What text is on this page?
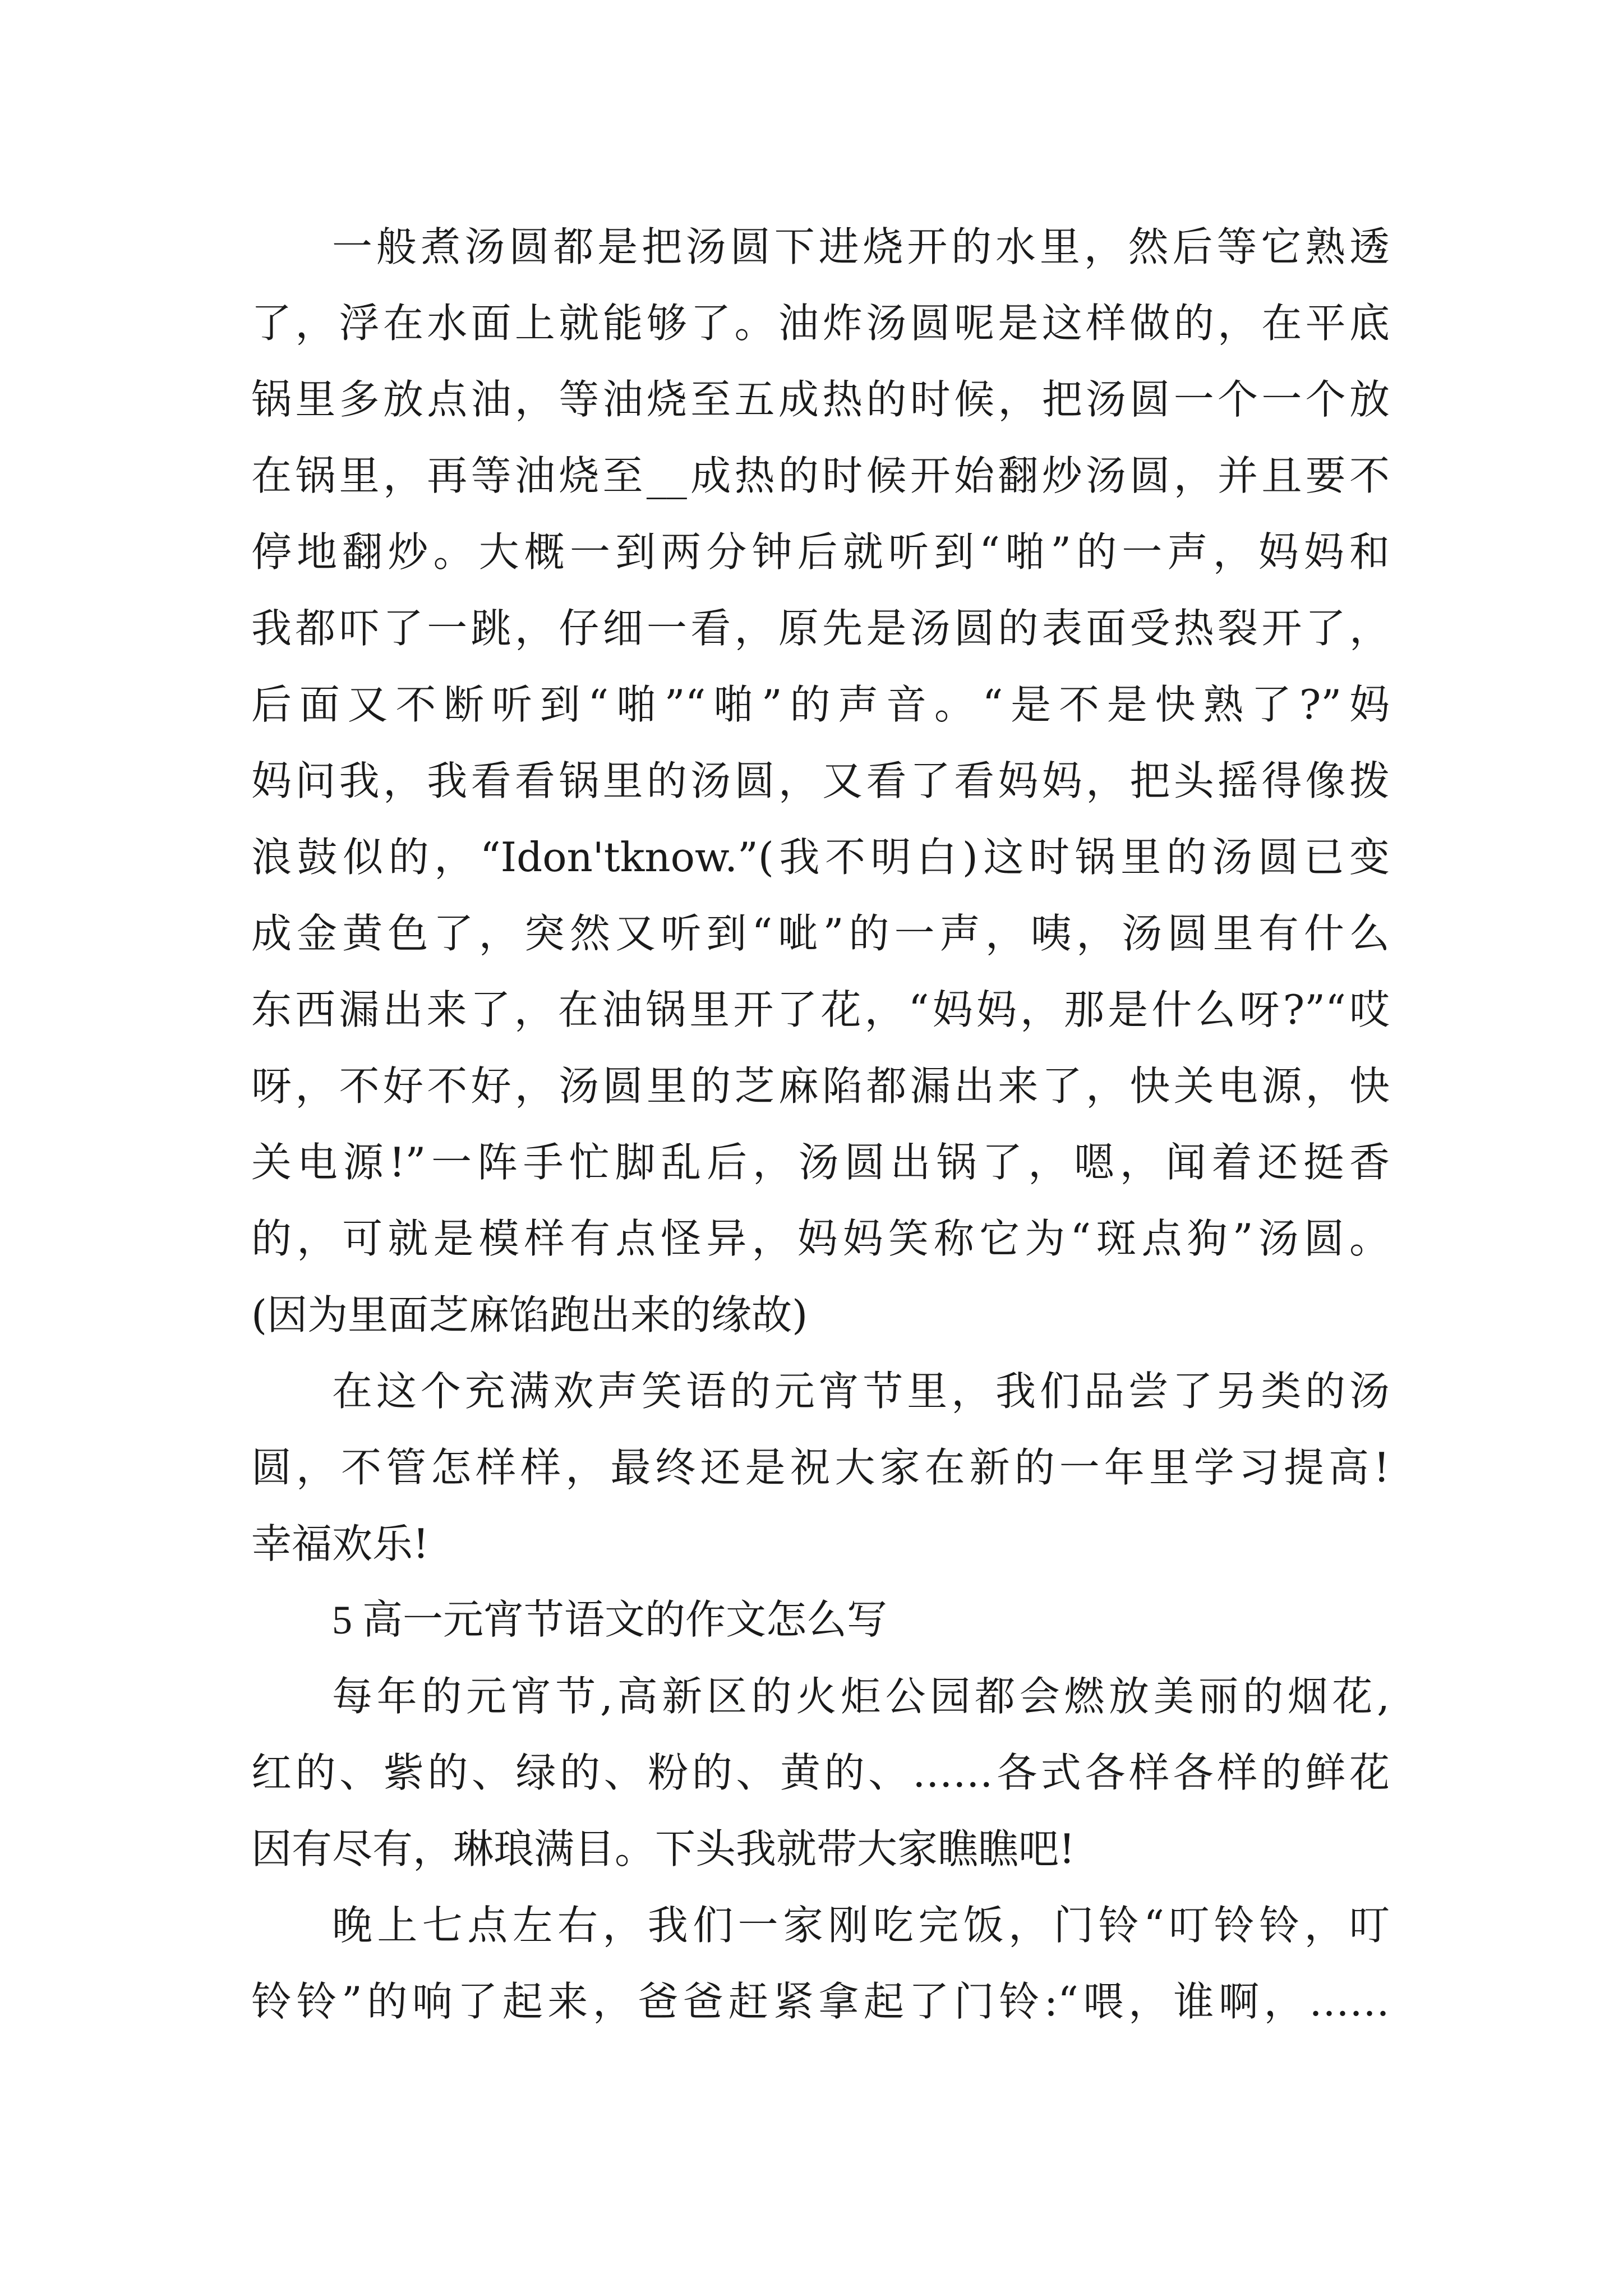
一般煮汤圆都是把汤圆下进烧开的水里，然后等它熟透
了，浮在水面上就能够了。油炸汤圆呢是这样做的，在平底
锅里多放点油，等油烧至五成热的时候，把汤圆一个一个放
在锅里，再等油烧至__成热的时候开始翻炒汤圆，并且要不
停地翻炒。大概一到两分钟后就听到“啪”的一声，妈妈和
我都吓了一跳，仔细一看，原先是汤圆的表面受热裂开了，
后面又不断听到“啪”“啪”的声音。“是不是快熟了?”妈
妈问我，我看看锅里的汤圆，又看了看妈妈，把头摇得像拨
浪鼓似的，“Idon'tknow.”(我不明白)这时锅里的汤圆已变
成金黄色了，突然又听到“呲”的一声，咦，汤圆里有什么
东西漏出来了，在油锅里开了花，“妈妈，那是什么呀?”“哎
呀，不好不好，汤圆里的芝麻陷都漏出来了，快关电源，快
关电源!”一阵手忙脚乱后，汤圆出锅了，嗯，闻着还挺香
的，可就是模样有点怪异，妈妈笑称它为“斑点狗”汤圆。
(因为里面芝麻馅跑出来的缘故)
在这个充满欢声笑语的元宵节里，我们品尝了另类的汤
圆，不管怎样样，最终还是祝大家在新的一年里学习提高!
幸福欢乐!
5 高一元宵节语文的作文怎么写
每年的元宵节,高新区的火炬公园都会燃放美丽的烟花,
红的、紫的、绿的、粉的、黄的、……各式各样各样的鲜花
因有尽有，琳琅满目。下头我就带大家瞧瞧吧!
晚上七点左右，我们一家刚吃完饭，门铃“叮铃铃，叮
铃铃”的响了起来，爸爸赶紧拿起了门铃:“喂，谁啊，……
